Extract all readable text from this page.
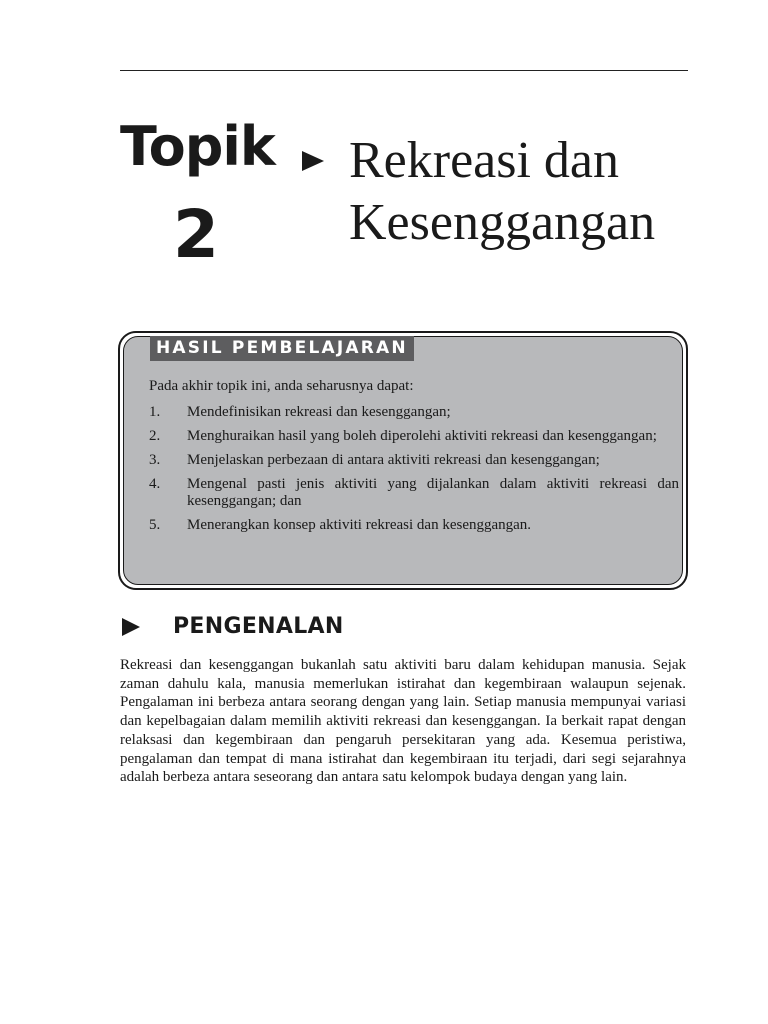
Topik
2
Rekreasi dan
Kesenggangan
HASIL PEMBELAJARAN
Pada akhir topik ini, anda seharusnya dapat:
1.	Mendefinisikan rekreasi dan kesenggangan;
2.	Menghuraikan hasil yang boleh diperolehi aktiviti rekreasi dan kesenggangan;
3.	Menjelaskan perbezaan di antara aktiviti rekreasi dan kesenggangan;
4.	Mengenal pasti jenis aktiviti yang dijalankan dalam aktiviti rekreasi dan kesenggangan; dan
5.	Menerangkan konsep aktiviti rekreasi dan kesenggangan.
PENGENALAN

Rekreasi dan kesenggangan bukanlah satu aktiviti baru dalam kehidupan manusia. Sejak zaman dahulu kala, manusia memerlukan istirahat dan kegembiraan walaupun sejenak. Pengalaman ini berbeza antara seorang dengan yang lain. Setiap manusia mempunyai variasi dan kepelbagaian dalam memilih aktiviti rekreasi dan kesenggangan. Ia berkait rapat dengan relaksasi dan kegembiraan dan pengaruh persekitaran yang ada. Kesemua peristiwa, pengalaman dan tempat di mana istirahat dan kegembiraan itu terjadi, dari segi sejarahnya adalah berbeza antara seseorang dan antara satu kelompok budaya dengan yang lain.
